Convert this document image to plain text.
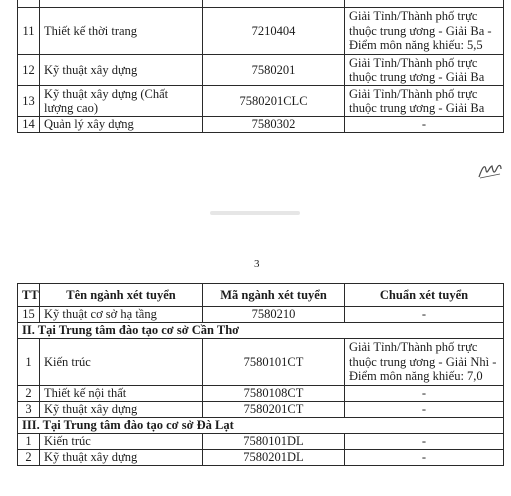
11	Thiết kế thời trang	7210404	Giải Tỉnh/Thành phố trực thuộc trung ương - Giải Ba - Điểm môn năng khiếu: 5,5
12	Kỹ thuật xây dựng	7580201	Giải Tỉnh/Thành phố trực thuộc trung ương - Giải Ba
13	Kỹ thuật xây dựng (Chất lượng cao)	7580201CLC	Giải Tỉnh/Thành phố trực thuộc trung ương - Giải Ba
14	Quản lý xây dựng	7580302	-
3
TT	Tên ngành xét tuyển	Mã ngành xét tuyển	Chuẩn xét tuyển
15	Kỹ thuật cơ sở hạ tầng	7580210	-
II. Tại Trung tâm đào tạo cơ sở Cần Thơ			
1	Kiến trúc	7580101CT	Giải Tỉnh/Thành phố trực thuộc trung ương - Giải Nhì - Điểm môn năng khiếu: 7,0
2	Thiết kế nội thất	7580108CT	-
3	Kỹ thuật xây dựng	7580201CT	-
III. Tại Trung tâm đào tạo cơ sở Đà Lạt			
1	Kiến trúc	7580101DL	-
2	Kỹ thuật xây dựng	7580201DL	-
